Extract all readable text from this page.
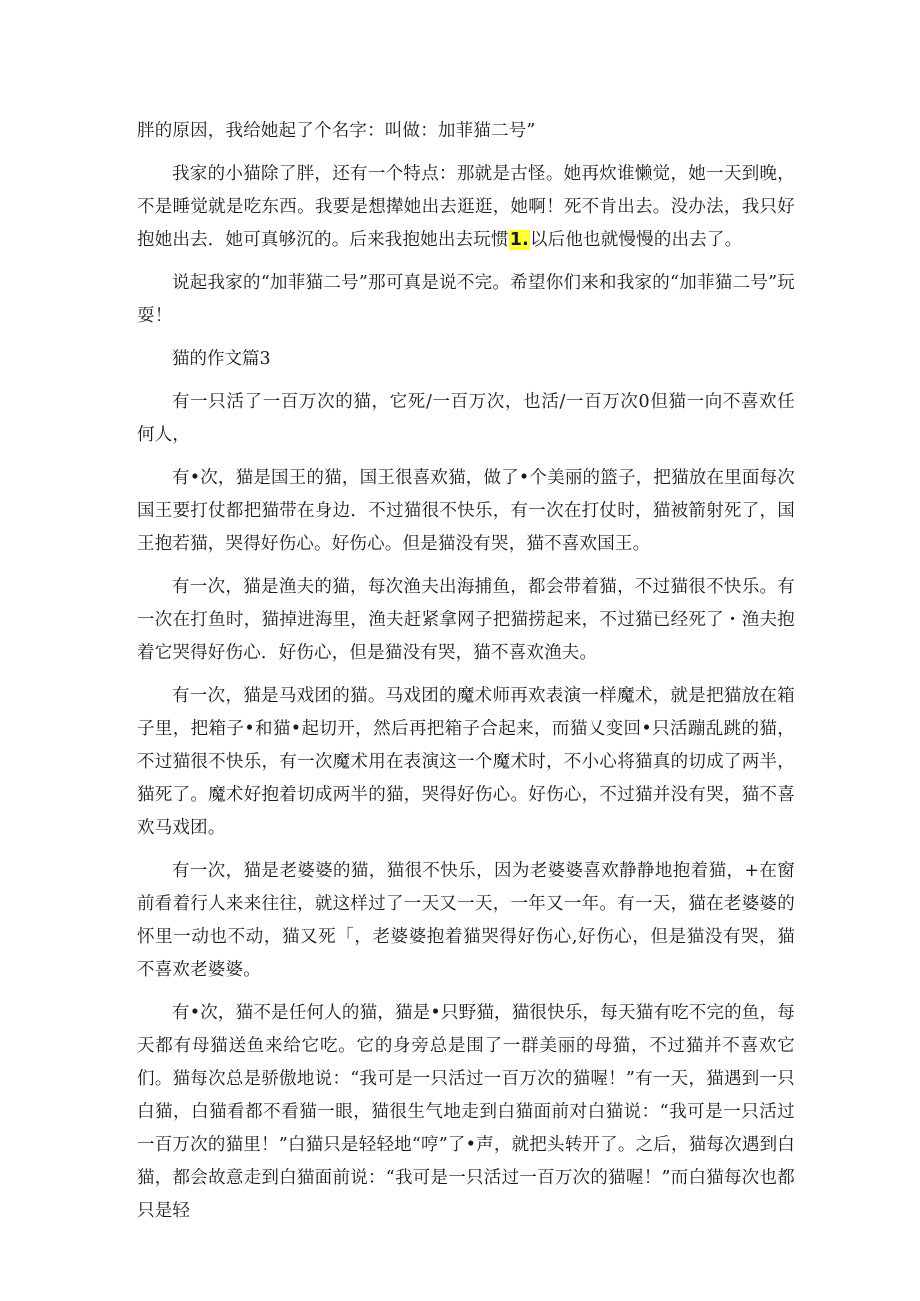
胖的原因，我给她起了个名字：叫做：加菲猫二号”

我家的小猫除了胖，还有一个特点：那就是古怪。她再炊谁懒觉，她一天到晚，不是睡觉就是吃东西。我要是想撵她出去逛逛，她啊！死不肯出去。没办法，我只好抱她出去．她可真够沉的。后来我抱她出去玩惯1.以后他也就慢慢的出去了。

说起我家的“加菲猫二号”那可真是说不完。希望你们来和我家的“加菲猫二号”玩耍！

猫的作文篇3

有一只活了一百万次的猫，它死/一百万次，也活/一百万次0但猫一向不喜欢任何人，

有•次，猫是国王的猫，国王很喜欢猫，做了•个美丽的篮子，把猫放在里面每次国王要打仗都把猫带在身边．不过猫很不快乐，有一次在打仗时，猫被箭射死了，国王抱若猫，哭得好伤心。好伤心。但是猫没有哭，猫不喜欢国王。

有一次，猫是渔夫的猫，每次渔夫出海捕鱼，都会带着猫，不过猫很不快乐。有一次在打鱼时，猫掉进海里，渔夫赶紧拿网子把猫捞起来，不过猫已经死了・渔夫抱着它哭得好伤心．好伤心，但是猫没有哭，猫不喜欢渔夫。

有一次，猫是马戏团的猫。马戏团的魔术师再欢表演一样魔术，就是把猫放在箱子里，把箱子•和猫•起切开，然后再把箱子合起来，而猫乂变回•只活蹦乱跳的猫，不过猫很不快乐，有一次魔术用在表演这一个魔术时，不小心将猫真的切成了两半，猫死了。魔术好抱着切成两半的猫，哭得好伤心。好伤心，不过猫并没有哭，猫不喜欢马戏团。

有一次，猫是老婆婆的猫，猫很不快乐，因为老婆婆喜欢静静地抱着猫，+在窗前看着行人来来往往，就这样过了一天又一天，一年又一年。有一天，猫在老婆婆的怀里一动也不动，猫又死「，老婆婆抱着猫哭得好伤心,好伤心，但是猫没有哭，猫不喜欢老婆婆。

有•次，猫不是任何人的猫，猫是•只野猫，猫很快乐，每天猫有吃不完的鱼，每天都有母猫送鱼来给它吃。它的身旁总是围了一群美丽的母猫，不过猫并不喜欢它们。猫每次总是骄傲地说：“我可是一只活过一百万次的猫喔！”有一天，猫遇到一只白猫，白猫看都不看猫一眼，猫很生气地走到白猫面前对白猫说：“我可是一只活过一百万次的猫里！”白猫只是轻轻地“哼”了•声，就把头转开了。之后，猫每次遇到白猫，都会故意走到白猫面前说：“我可是一只活过一百万次的猫喔！”而白猫每次也都只是轻
